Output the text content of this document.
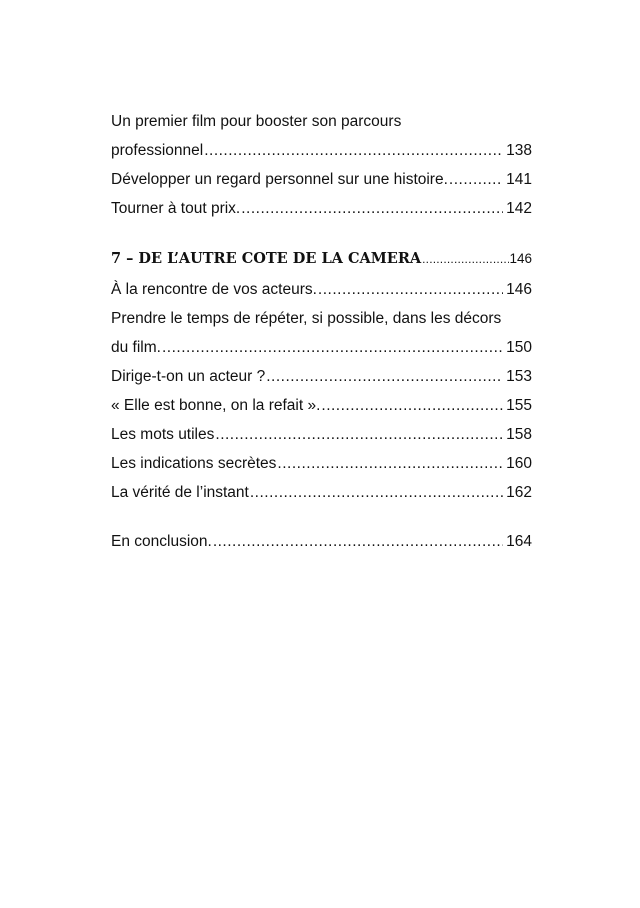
Un premier film pour booster son parcours
professionnel .....	138
Développer un regard personnel sur une histoire. .....	141
Tourner à tout prix. .....	142
7 – DE L’AUTRE COTE DE LA CAMERA .....	146
À la rencontre de vos acteurs. .....	146
Prendre le temps de répéter, si possible, dans les décors
du film. .....	150
Dirige-t-on un acteur ? .....	153
« Elle est bonne, on la refait ». .....	155
Les mots utiles .....	158
Les indications secrètes .....	160
La vérité de l’instant .....	162
En conclusion. .....	164
